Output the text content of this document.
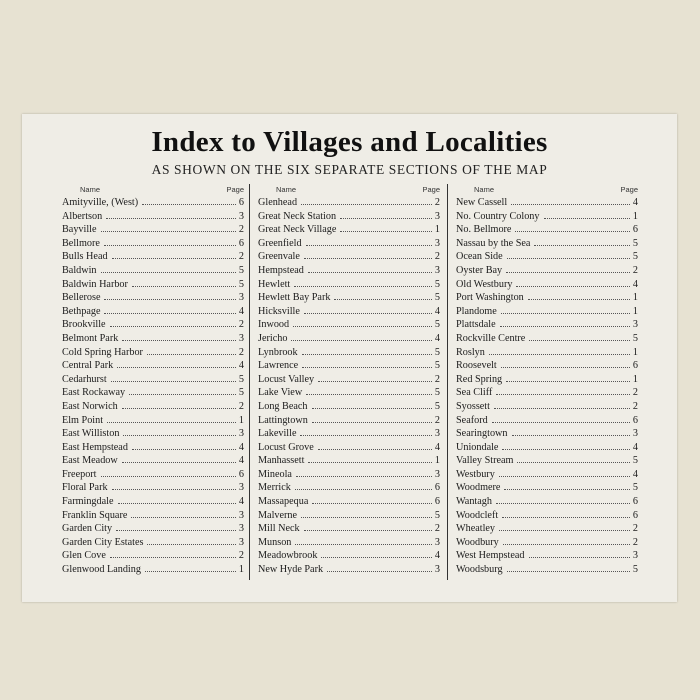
Index to Villages and Localities
AS SHOWN ON THE SIX SEPARATE SECTIONS OF THE MAP
Name	Page
Amityville, (West)	6
Albertson	3
Bayville	2
Bellmore	6
Bulls Head	2
Baldwin	5
Baldwin Harbor	5
Bellerose	3
Bethpage	4
Brookville	2
Belmont Park	3
Cold Spring Harbor	2
Central Park	4
Cedarhurst	5
East Rockaway	5
East Norwich	2
Elm Point	1
East Williston	3
East Hempstead	4
East Meadow	4
Freeport	6
Floral Park	3
Farmingdale	4
Franklin Square	3
Garden City	3
Garden City Estates	3
Glen Cove	2
Glenwood Landing	1
Name	Page
Glenhead	2
Great Neck Station	3
Great Neck Village	1
Greenfield	3
Greenvale	2
Hempstead	3
Hewlett	5
Hewlett Bay Park	5
Hicksville	4
Inwood	5
Jericho	4
Lynbrook	5
Lawrence	5
Locust Valley	2
Lake View	5
Long Beach	5
Lattingtown	2
Lakeville	3
Locust Grove	4
Manhassett	1
Mineola	3
Merrick	6
Massapequa	6
Malverne	5
Mill Neck	2
Munson	3
Meadowbrook	4
New Hyde Park	3
Name	Page
New Cassell	4
No. Country Colony	1
No. Bellmore	6
Nassau by the Sea	5
Ocean Side	5
Oyster Bay	2
Old Westbury	4
Port Washington	1
Plandome	1
Plattsdale	3
Rockville Centre	5
Roslyn	1
Roosevelt	6
Red Spring	1
Sea Cliff	2
Syossett	2
Seaford	6
Searingtown	3
Uniondale	4
Valley Stream	5
Westbury	4
Woodmere	5
Wantagh	6
Woodcleft	6
Wheatley	2
Woodbury	2
West Hempstead	3
Woodsburg	5
